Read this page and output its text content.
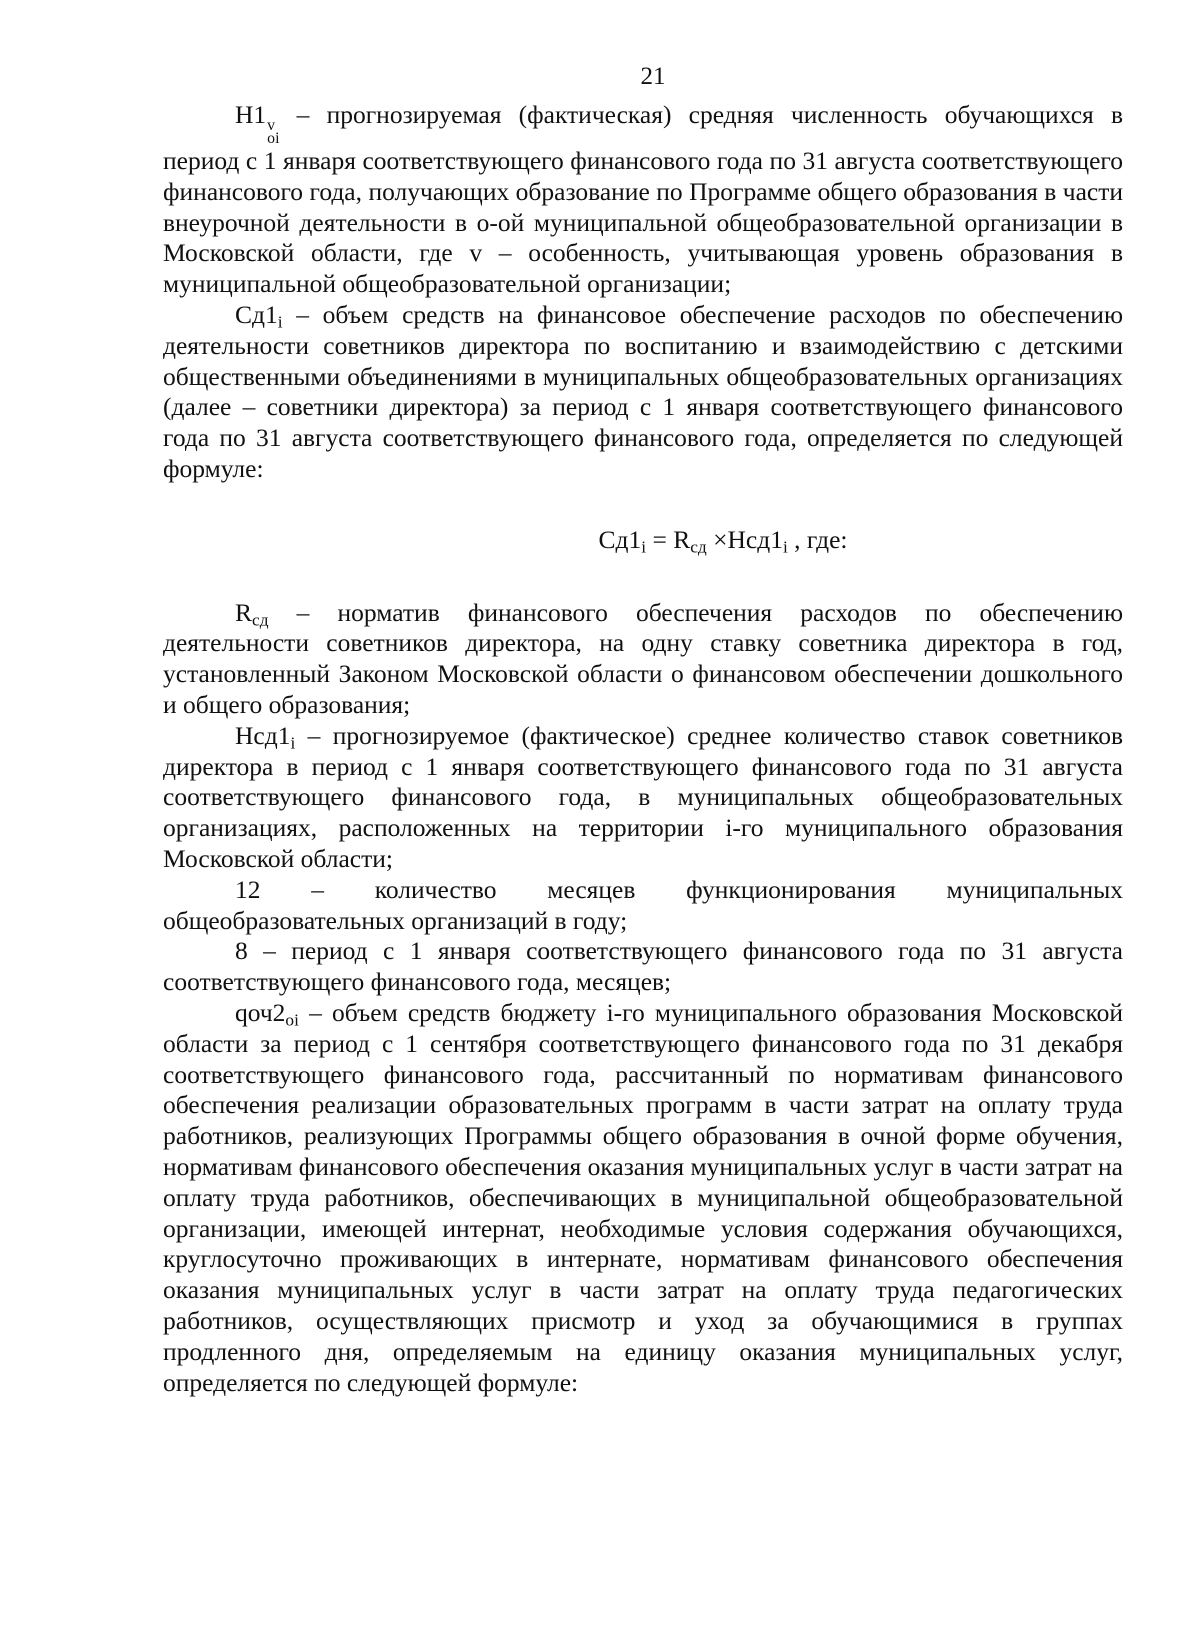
21

Н1 v
oi
– прогнозируемая (фактическая) средняя численность обучающихся в период с 1 января соответствующего финансового года по 31 августа соответствующего финансового года, получающих образование по Программе общего образования в части внеурочной деятельности в о-ой муниципальной общеобразовательной организации в Московской области, где v – особенность, учитывающая уровень образования в муниципальной общеобразовательной организации;

$Сд1_i$ – объем средств на финансовое обеспечение расходов по обеспечению деятельности советников директора по воспитанию и взаимодействию с детскими общественными объединениями в муниципальных общеобразовательных организациях (далее – советники директора) за период с 1 января соответствующего финансового года по 31 августа соответствующего финансового года, определяется по следующей формуле:

$Сд1_i = R_{сд} \times Нсд1_i$ , где:

$R_{сд}$ – норматив финансового обеспечения расходов по обеспечению деятельности советников директора, на одну ставку советника директора в год, установленный Законом Московской области о финансовом обеспечении дошкольного и общего образования;

$Нсд1_i$ – прогнозируемое (фактическое) среднее количество ставок советников директора в период с 1 января соответствующего финансового года по 31 августа соответствующего финансового года, в муниципальных общеобразовательных организациях, расположенных на территории i-го муниципального образования Московской области;

12 – количество месяцев функционирования муниципальных общеобразовательных организаций в году;

8 – период с 1 января соответствующего финансового года по 31 августа соответствующего финансового года, месяцев;

$qоч2_{oi}$ – объем средств бюджету i-го муниципального образования Московской области за период с 1 сентября соответствующего финансового года по 31 декабря соответствующего финансового года, рассчитанный по нормативам финансового обеспечения реализации образовательных программ в части затрат на оплату труда работников, реализующих Программы общего образования в очной форме обучения, нормативам финансового обеспечения оказания муниципальных услуг в части затрат на оплату труда работников, обеспечивающих в муниципальной общеобразовательной организации, имеющей интернат, необходимые условия содержания обучающихся, круглосуточно проживающих в интернате, нормативам финансового обеспечения оказания муниципальных услуг в части затрат на оплату труда педагогических работников, осуществляющих присмотр и уход за обучающимися в группах продленного дня, определяемым на единицу оказания муниципальных услуг, определяется по следующей формуле:
